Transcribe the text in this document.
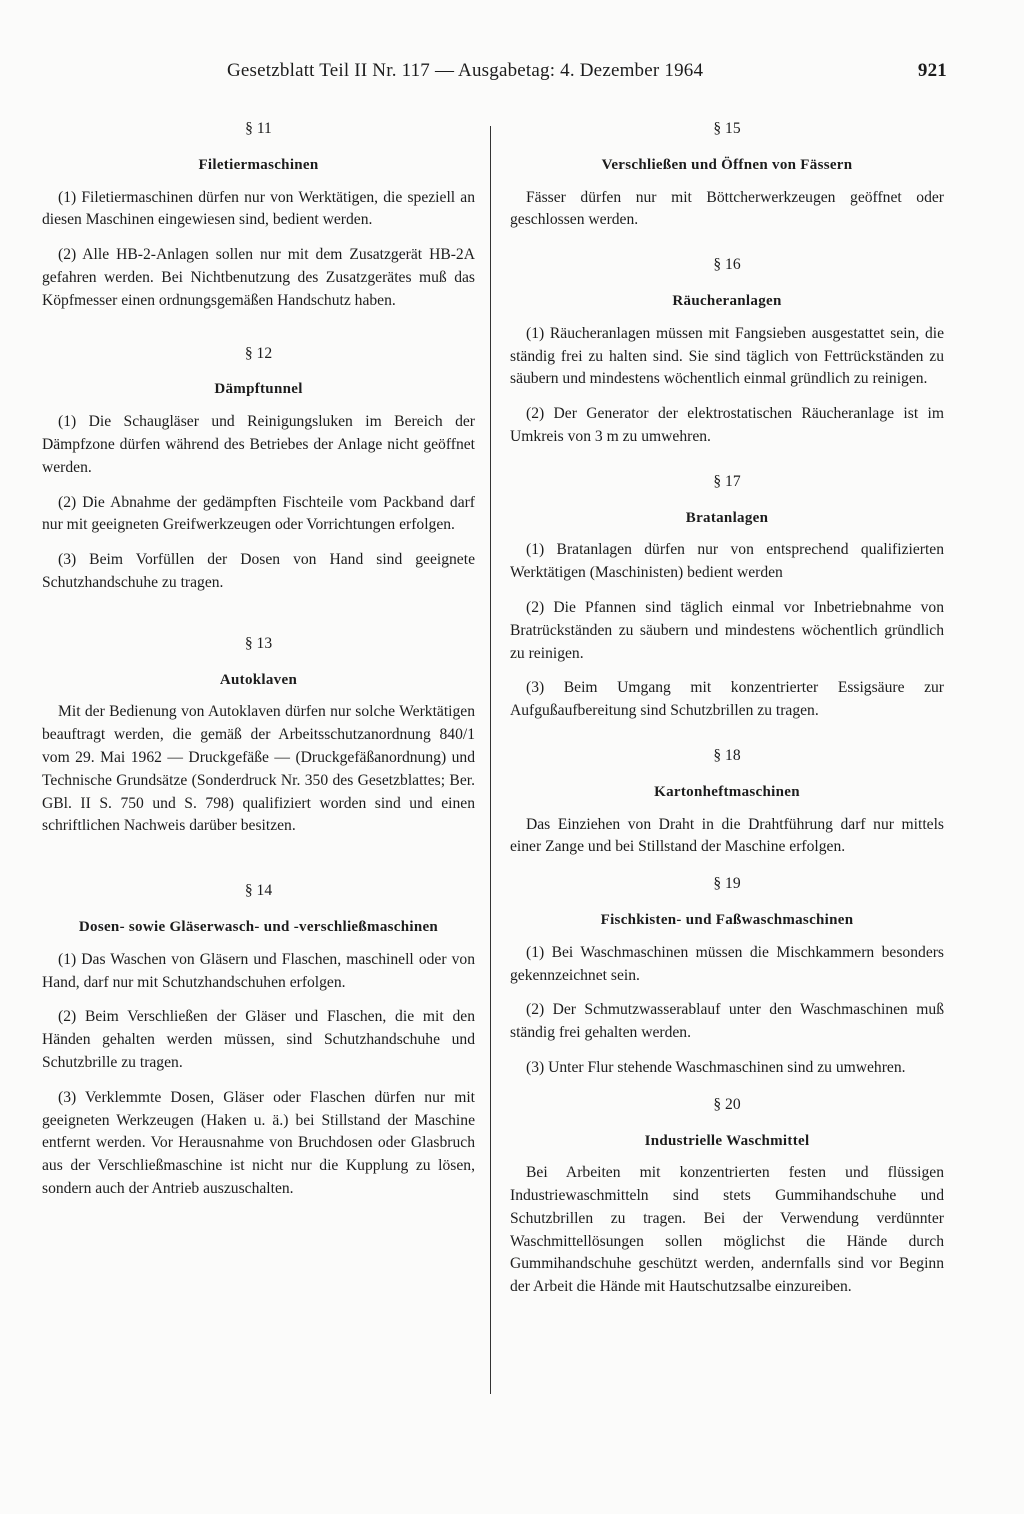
Gesetzblatt Teil II Nr. 117 — Ausgabetag: 4. Dezember 1964	921

§ 11

Filetiermaschinen

(1) Filetiermaschinen dürfen nur von Werktätigen, die speziell an diesen Maschinen eingewiesen sind, bedient werden.

(2) Alle HB-2-Anlagen sollen nur mit dem Zusatzgerät HB-2A gefahren werden. Bei Nichtbenutzung des Zusatzgerätes muß das Köpfmesser einen ordnungsgemäßen Handschutz haben.

§ 12

Dämpftunnel

(1) Die Schaugläser und Reinigungsluken im Bereich der Dämpfzone dürfen während des Betriebes der Anlage nicht geöffnet werden.

(2) Die Abnahme der gedämpften Fischteile vom Packband darf nur mit geeigneten Greifwerkzeugen oder Vorrichtungen erfolgen.

(3) Beim Vorfüllen der Dosen von Hand sind geeignete Schutzhandschuhe zu tragen.

§ 13

Autoklaven

Mit der Bedienung von Autoklaven dürfen nur solche Werktätigen beauftragt werden, die gemäß der Arbeitsschutzanordnung 840/1 vom 29. Mai 1962 — Druckgefäße — (Druckgefäßanordnung) und Technische Grundsätze (Sonderdruck Nr. 350 des Gesetzblattes; Ber. GBl. II S. 750 und S. 798) qualifiziert worden sind und einen schriftlichen Nachweis darüber besitzen.

§ 14

Dosen- sowie Gläserwasch- und -verschließmaschinen

(1) Das Waschen von Gläsern und Flaschen, maschinell oder von Hand, darf nur mit Schutzhandschuhen erfolgen.

(2) Beim Verschließen der Gläser und Flaschen, die mit den Händen gehalten werden müssen, sind Schutzhandschuhe und Schutzbrille zu tragen.

(3) Verklemmte Dosen, Gläser oder Flaschen dürfen nur mit geeigneten Werkzeugen (Haken u. ä.) bei Stillstand der Maschine entfernt werden. Vor Herausnahme von Bruchdosen oder Glasbruch aus der Verschließmaschine ist nicht nur die Kupplung zu lösen, sondern auch der Antrieb auszuschalten.

§ 15

Verschließen und Öffnen von Fässern

Fässer dürfen nur mit Böttcherwerkzeugen geöffnet oder geschlossen werden.

§ 16

Räucheranlagen

(1) Räucheranlagen müssen mit Fangsieben ausgestattet sein, die ständig frei zu halten sind. Sie sind täglich von Fettrückständen zu säubern und mindestens wöchentlich einmal gründlich zu reinigen.

(2) Der Generator der elektrostatischen Räucheranlage ist im Umkreis von 3 m zu umwehren.

§ 17

Bratanlagen

(1) Bratanlagen dürfen nur von entsprechend qualifizierten Werktätigen (Maschinisten) bedient werden

(2) Die Pfannen sind täglich einmal vor Inbetriebnahme von Bratrückständen zu säubern und mindestens wöchentlich gründlich zu reinigen.

(3) Beim Umgang mit konzentrierter Essigsäure zur Aufgußaufbereitung sind Schutzbrillen zu tragen.

§ 18

Kartonheftmaschinen

Das Einziehen von Draht in die Drahtführung darf nur mittels einer Zange und bei Stillstand der Maschine erfolgen.

§ 19

Fischkisten- und Faßwaschmaschinen

(1) Bei Waschmaschinen müssen die Mischkammern besonders gekennzeichnet sein.

(2) Der Schmutzwasserablauf unter den Waschmaschinen muß ständig frei gehalten werden.

(3) Unter Flur stehende Waschmaschinen sind zu umwehren.

§ 20

Industrielle Waschmittel

Bei Arbeiten mit konzentrierten festen und flüssigen Industriewaschmitteln sind stets Gummihandschuhe und Schutzbrillen zu tragen. Bei der Verwendung verdünnter Waschmittellösungen sollen möglichst die Hände durch Gummihandschuhe geschützt werden, andernfalls sind vor Beginn der Arbeit die Hände mit Hautschutzsalbe einzureiben.
